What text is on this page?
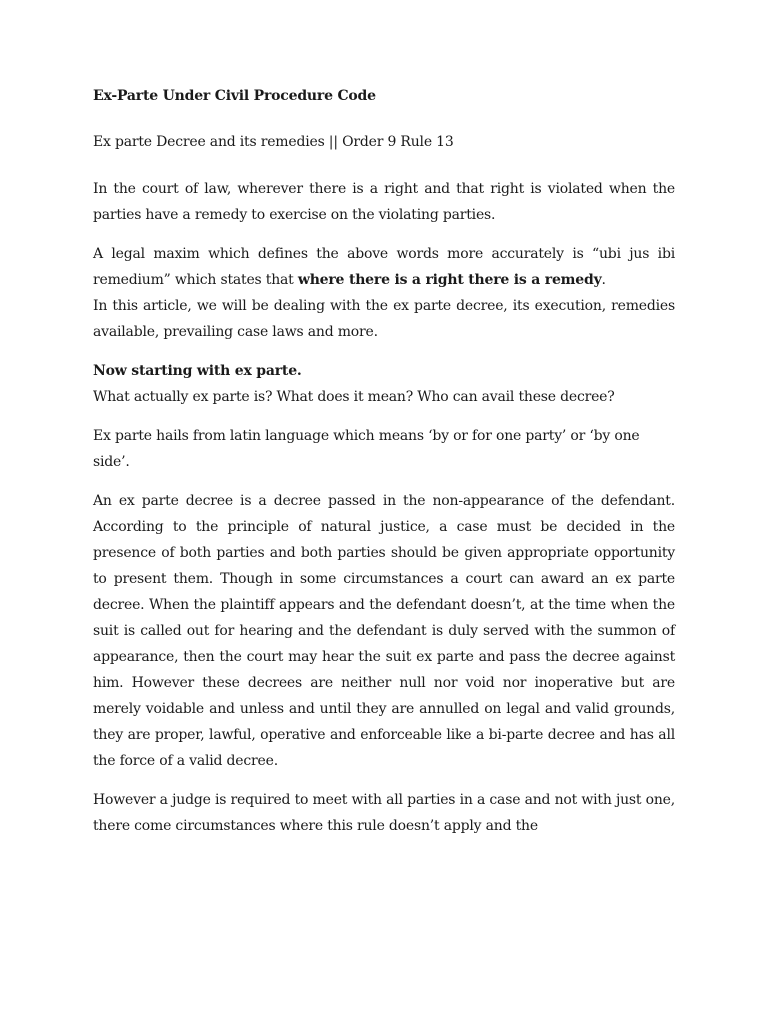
Ex-Parte Under Civil Procedure Code

Ex parte Decree and its remedies || Order 9 Rule 13

In the court of law, wherever there is a right and that right is violated when the parties have a remedy to exercise on the violating parties.

A legal maxim which defines the above words more accurately is “ubi jus ibi remedium” which states that where there is a right there is a remedy.

In this article, we will be dealing with the ex parte decree, its execution, remedies available, prevailing case laws and more.

Now starting with ex parte.

What actually ex parte is? What does it mean? Who can avail these decree?

Ex parte hails from latin language which means ‘by or for one party’ or ‘by one side’.

An ex parte decree is a decree passed in the non-appearance of the defendant. According to the principle of natural justice, a case must be decided in the presence of both parties and both parties should be given appropriate opportunity to present them. Though in some circumstances a court can award an ex parte decree. When the plaintiff appears and the defendant doesn’t, at the time when the suit is called out for hearing and the defendant is duly served with the summon of appearance, then the court may hear the suit ex parte and pass the decree against him. However these decrees are neither null nor void nor inoperative but are merely voidable and unless and until they are annulled on legal and valid grounds, they are proper, lawful, operative and enforceable like a bi-parte decree and has all the force of a valid decree.

However a judge is required to meet with all parties in a case and not with just one, there come circumstances where this rule doesn’t apply and the
